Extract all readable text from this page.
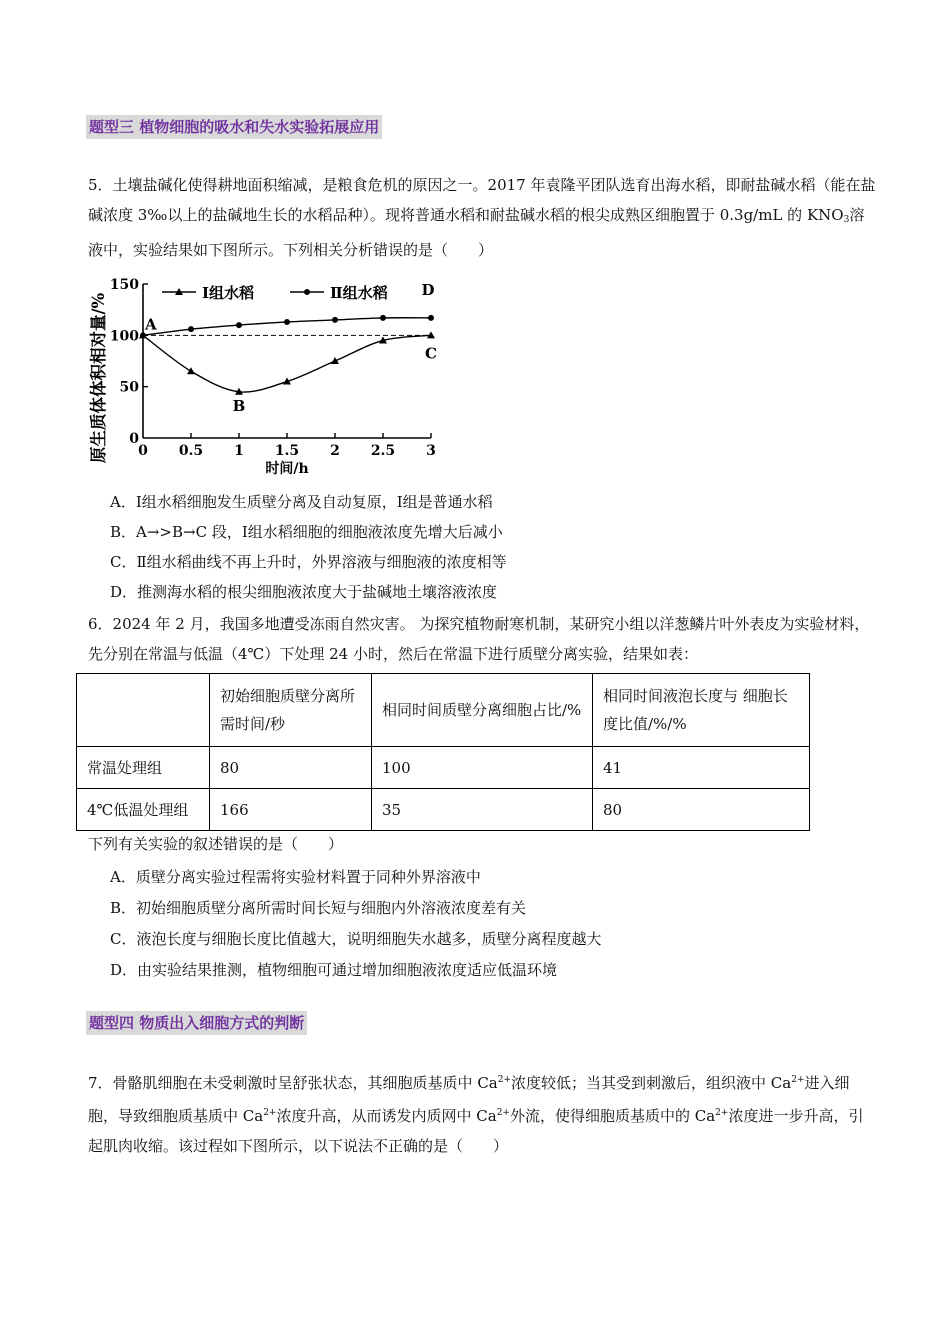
题型三 植物细胞的吸水和失水实验拓展应用

5．土壤盐碱化使得耕地面积缩减，是粮食危机的原因之一。2017 年袁隆平团队选育出海水稻，即耐盐碱水稻（能在盐碱浓度 3‰以上的盐碱地生长的水稻品种）。现将普通水稻和耐盐碱水稻的根尖成熟区细胞置于 0.3g/mL 的 $KNO_3$溶液中，实验结果如下图所示。下列相关分析错误的是（　　）

0
50
100
150
0 0.5 1 1.5 2 2.5 3
时间/h
原生质体体积相对量/%	Ⅰ组水稻	Ⅱ组水稻
A
B
C
D
A．Ⅰ组水稻细胞发生质壁分离及自动复原，Ⅰ组是普通水稻
B．A→>B→C 段，Ⅰ组水稻细胞的细胞液浓度先增大后减小
C．Ⅱ组水稻曲线不再上升时，外界溶液与细胞液的浓度相等
D．推测海水稻的根尖细胞液浓度大于盐碱地土壤溶液浓度

6．2024 年 2 月，我国多地遭受冻雨自然灾害。 为探究植物耐寒机制，某研究小组以洋葱鳞片叶外表皮为实验材料，先分别在常温与低温（4℃）下处理 24 小时，然后在常温下进行质壁分离实验，结果如表：

	初始细胞质壁分离所需时间/秒	相同时间质壁分离细胞占比/%	相同时间液泡长度与 细胞长度比值/%/%
常温处理组	80	100	41
4℃低温处理组	166	35	80
下列有关实验的叙述错误的是（　　）
A．质壁分离实验过程需将实验材料置于同种外界溶液中
B．初始细胞质壁分离所需时间长短与细胞内外溶液浓度差有关
C．液泡长度与细胞长度比值越大，说明细胞失水越多，质壁分离程度越大
D．由实验结果推测，植物细胞可通过增加细胞液浓度适应低温环境
题型四 物质出入细胞方式的判断

7．骨骼肌细胞在未受刺激时呈舒张状态，其细胞质基质中 $Ca^{2+}$浓度较低；当其受到刺激后，组织液中 $Ca^{2+}$进入细胞，导致细胞质基质中 $Ca^{2+}$浓度升高，从而诱发内质网中 $Ca^{2+}$外流，使得细胞质基质中的 $Ca^{2+}$浓度进一步升高，引起肌肉收缩。该过程如下图所示，以下说法不正确的是（　　）
